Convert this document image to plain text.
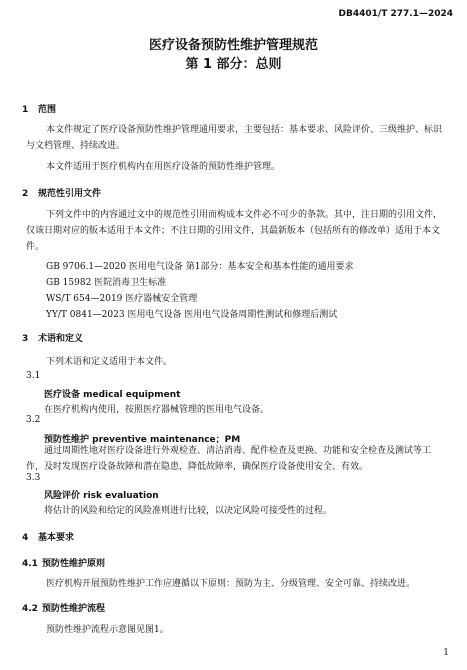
DB4401/T 277.1—2024
医疗设备预防性维护管理规范
第 1 部分：总则
1 范围
本文件规定了医疗设备预防性维护管理通用要求，主要包括：基本要求、风险评价、三级维护、标识与文档管理、持续改进。
本文件适用于医疗机构内在用医疗设备的预防性维护管理。
2 规范性引用文件
下列文件中的内容通过文中的规范性引用而构成本文件必不可少的条款。其中，注日期的引用文件，仅该日期对应的版本适用于本文件；不注日期的引用文件，其最新版本（包括所有的修改单）适用于本文件。
GB 9706.1—2020 医用电气设备 第1部分：基本安全和基本性能的通用要求
GB 15982 医院消毒卫生标准
WS/T 654—2019 医疗器械安全管理
YY/T 0841—2023 医用电气设备 医用电气设备周期性测试和修理后测试
3 术语和定义
下列术语和定义适用于本文件。
3.1
医疗设备 medical equipment
在医疗机构内使用，按照医疗器械管理的医用电气设备。
3.2
预防性维护 preventive maintenance；PM
通过周期性地对医疗设备进行外观检查、清洁消毒、配件检查及更换、功能和安全检查及测试等工作，及时发现医疗设备故障和潜在隐患，降低故障率，确保医疗设备使用安全、有效。
3.3
风险评价 risk evaluation
将估计的风险和给定的风险准则进行比较，以决定风险可接受性的过程。
4 基本要求
4.1 预防性维护原则
医疗机构开展预防性维护工作应遵循以下原则：预防为主、分级管理、安全可靠、持续改进。
4.2 预防性维护流程
预防性维护流程示意图见图1。
1
